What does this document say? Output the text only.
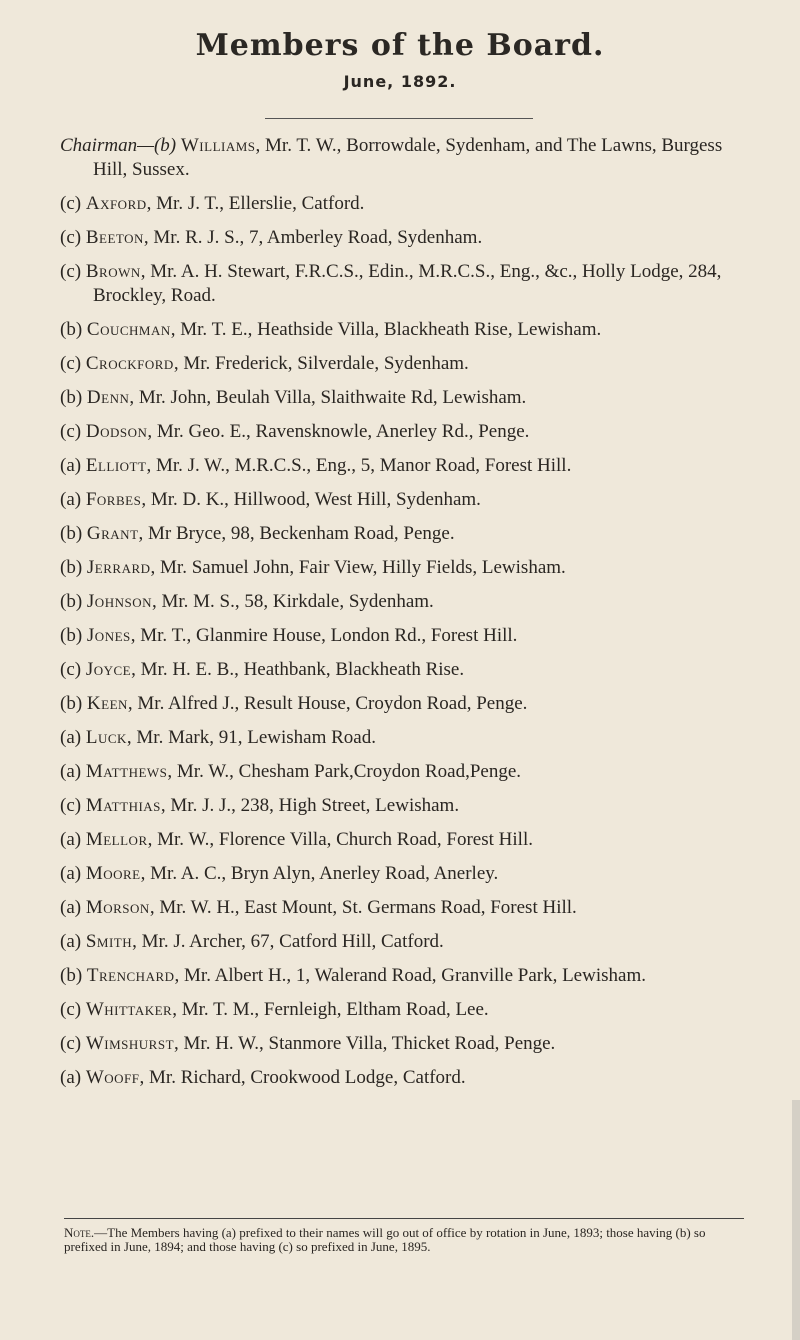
Members of the Board.
June, 1892.
Chairman—(b) Williams, Mr. T. W., Borrowdale, Sydenham, and The Lawns, Burgess Hill, Sussex.
(c) Axford, Mr. J. T., Ellerslie, Catford.
(c) Beeton, Mr. R. J. S., 7, Amberley Road, Sydenham.
(c) Brown, Mr. A. H. Stewart, F.R.C.S., Edin., M.R.C.S., Eng., &c., Holly Lodge, 284, Brockley, Road.
(b) Couchman, Mr. T. E., Heathside Villa, Blackheath Rise, Lewisham.
(c) Crockford, Mr. Frederick, Silverdale, Sydenham.
(b) Denn, Mr. John, Beulah Villa, Slaithwaite Rd, Lewisham.
(c) Dodson, Mr. Geo. E., Ravensknowle, Anerley Rd., Penge.
(a) Elliott, Mr. J. W., M.R.C.S., Eng., 5, Manor Road, Forest Hill.
(a) Forbes, Mr. D. K., Hillwood, West Hill, Sydenham.
(b) Grant, Mr Bryce, 98, Beckenham Road, Penge.
(b) Jerrard, Mr. Samuel John, Fair View, Hilly Fields, Lewisham.
(b) Johnson, Mr. M. S., 58, Kirkdale, Sydenham.
(b) Jones, Mr. T., Glanmire House, London Rd., Forest Hill.
(c) Joyce, Mr. H. E. B., Heathbank, Blackheath Rise.
(b) Keen, Mr. Alfred J., Result House, Croydon Road, Penge.
(a) Luck, Mr. Mark, 91, Lewisham Road.
(a) Matthews, Mr. W., Chesham Park,Croydon Road,Penge.
(c) Matthias, Mr. J. J., 238, High Street, Lewisham.
(a) Mellor, Mr. W., Florence Villa, Church Road, Forest Hill.
(a) Moore, Mr. A. C., Bryn Alyn, Anerley Road, Anerley.
(a) Morson, Mr. W. H., East Mount, St. Germans Road, Forest Hill.
(a) Smith, Mr. J. Archer, 67, Catford Hill, Catford.
(b) Trenchard, Mr. Albert H., 1, Walerand Road, Granville Park, Lewisham.
(c) Whittaker, Mr. T. M., Fernleigh, Eltham Road, Lee.
(c) Wimshurst, Mr. H. W., Stanmore Villa, Thicket Road, Penge.
(a) Wooff, Mr. Richard, Crookwood Lodge, Catford.
Note.—The Members having (a) prefixed to their names will go out of office by rotation in June, 1893; those having (b) so prefixed in June, 1894; and those having (c) so prefixed in June, 1895.
